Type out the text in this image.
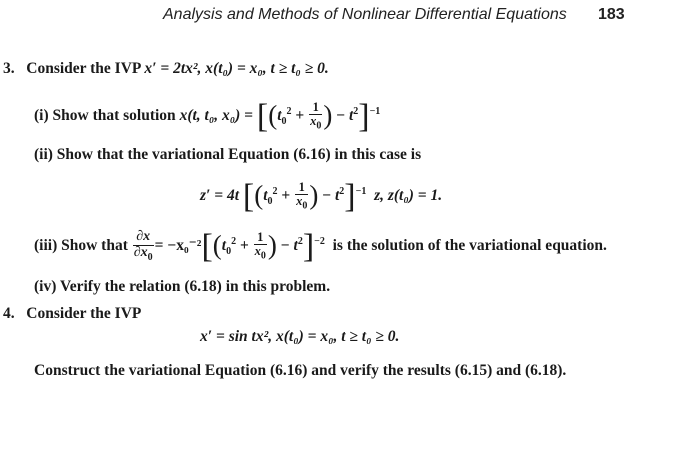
Analysis and Methods of Nonlinear Differential Equations 183
3. Consider the IVP x′ = 2tx², x(t₀) = x₀, t ≥ t₀ ≥ 0.
(i) Show that solution x(t, t₀, $x_0) = [(t_0^2 + \frac{1}{x_0}$ ) − $t^2]^{-1}$
(ii) Show that the variational Equation (6.16) in this case is
z′ = 4t [($t_0^2 + \frac{1}{x_0}$ ) − $t^2]^{-1}$ z, z(t₀) = 1.
(iii) Show that $\frac{\partial x}{\partial x_0} = -x_0^{-2}[(t_0^2 + \frac{1}{x_0}$ ) − $t^2]^{-2}$ is the solution of the variational equation.
(iv) Verify the relation (6.18) in this problem.
4. Consider the IVP
x′ = sin tx², x(t₀) = x₀, t ≥ t₀ ≥ 0.
Construct the variational Equation (6.16) and verify the results (6.15) and (6.18).
